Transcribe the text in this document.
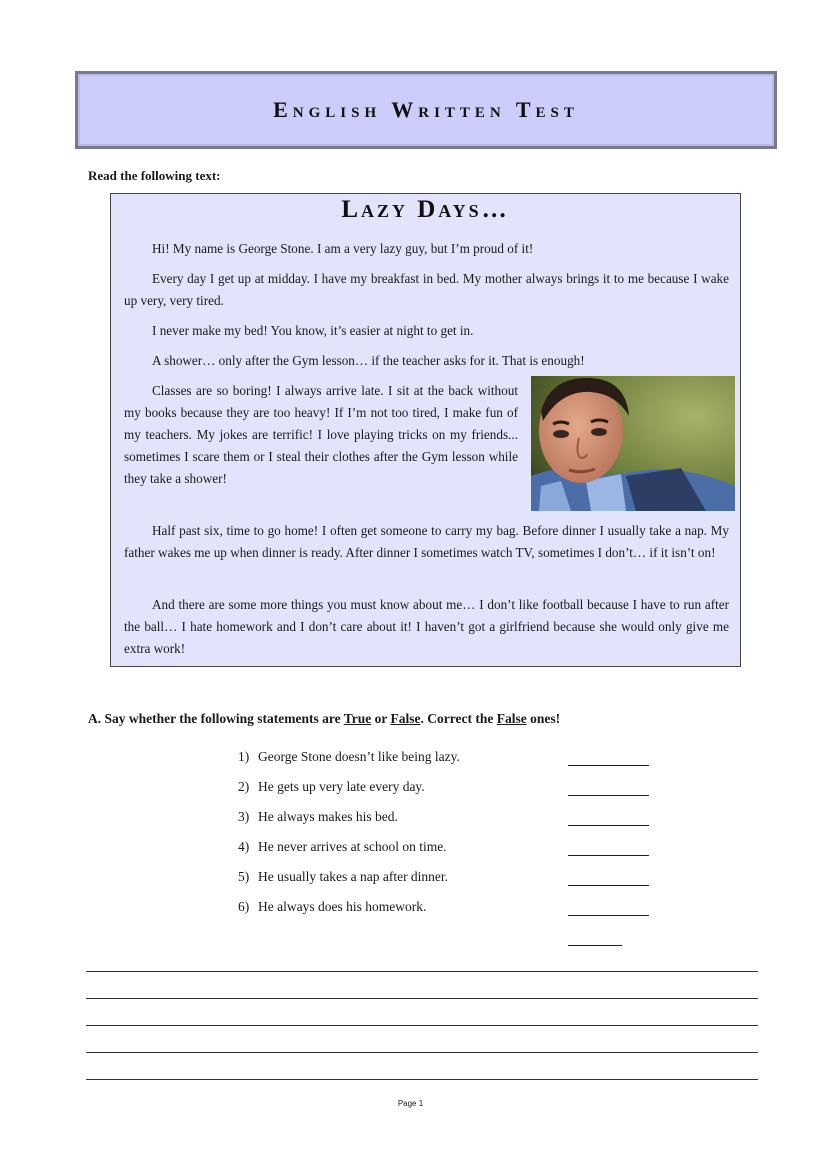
English Written Test
Read the following text:
Lazy Days…

Hi! My name is George Stone. I am a very lazy guy, but I’m proud of it!

Every day I get up at midday. I have my breakfast in bed. My mother always brings it to me because I wake up very, very tired.

I never make my bed! You know, it’s easier at night to get in.

A shower… only after the Gym lesson… if the teacher asks for it. That is enough!

Classes are so boring! I always arrive late. I sit at the back without my books because they are too heavy! If I’m not too tired, I make fun of my teachers. My jokes are terrific! I love playing tricks on my friends... sometimes I scare them or I steal their clothes after the Gym lesson while they take a shower!

Half past six, time to go home! I often get someone to carry my bag. Before dinner I usually take a nap. My father wakes me up when dinner is ready. After dinner I sometimes watch TV, sometimes I don’t… if it isn’t on!

And there are some more things you must know about me… I don’t like football because I have to run after the ball… I hate homework and I don’t care about it! I haven’t got a girlfriend because she would only give me extra work!

A. Say whether the following statements are True or False. Correct the False ones!
1) George Stone doesn’t like being lazy.
2) He gets up very late every day.
3) He always makes his bed.
4) He never arrives at school on time.
5) He usually takes a nap after dinner.
6) He always does his homework.
Page 1
